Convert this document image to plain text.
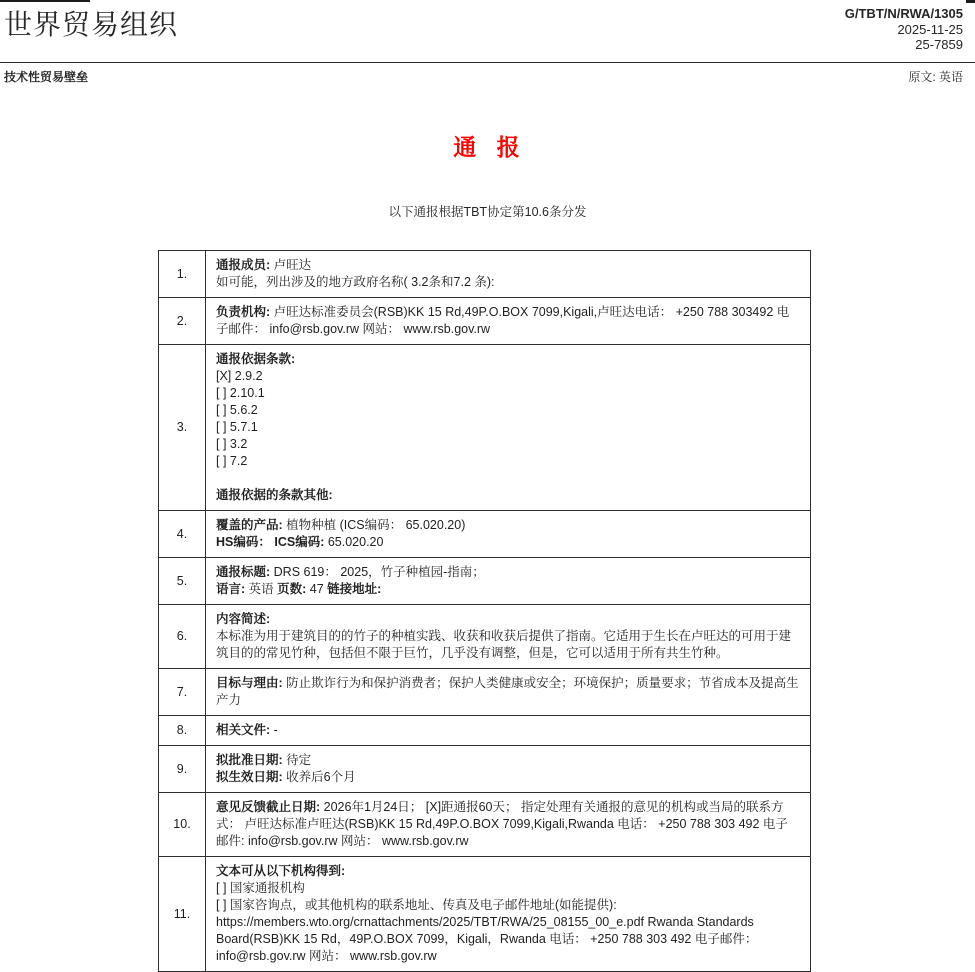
世界贸易组织	G/TBT/N/RWA/1305
2025-11-25
25-7859
技术性贸易壁垒	原文: 英语
通 报
以下通报根据TBT协定第10.6条分发
1.	通报成员: 卢旺达
如可能，列出涉及的地方政府名称( 3.2条和7.2 条):

2.	负责机构: 卢旺达标准委员会(RSB)KK 15 Rd,49P.O.BOX 7099,Kigali,卢旺达电话： +250 788 303492 电子邮件： info@rsb.gov.rw 网站： www.rsb.gov.rw

3.	
通报依据条款:
[X] 2.9.2
[ ] 2.10.1
[ ] 5.6.2
[ ] 5.7.1
[ ] 3.2
[ ] 7.2

通报依据的条款其他:

4.	覆盖的产品: 植物种植 (ICS编码： 65.020.20)
HS编码： ICS编码: 65.020.20

5.	通报标题: DRS 619： 2025，竹子种植园-指南；
语言: 英语 页数: 47 链接地址:

6.	内容简述:
本标准为用于建筑目的的竹子的种植实践、收获和收获后提供了指南。它适用于生长在卢旺达的可用于建筑目的的常见竹种，包括但不限于巨竹，几乎没有调整，但是，它可以适用于所有共生竹种。

7.	目标与理由: 防止欺诈行为和保护消费者；保护人类健康或安全；环境保护；质量要求；节省成本及提高生产力

8.	相关文件: -

9.	拟批准日期: 待定
拟生效日期: 收养后6个月

10.	意见反馈截止日期: 2026年1月24日； [X]距通报60天； 指定处理有关通报的意见的机构或当局的联系方式： 卢旺达标准卢旺达(RSB)KK 15 Rd,49P.O.BOX 7099,Kigali,Rwanda 电话： +250 788 303 492 电子邮件: info@rsb.gov.rw 网站： www.rsb.gov.rw

11.	文本可从以下机构得到:
[ ] 国家通报机构
[ ] 国家咨询点，或其他机构的联系地址、传真及电子邮件地址(如能提供):
https://members.wto.org/crnattachments/2025/TBT/RWA/25_08155_00_e.pdf Rwanda Standards Board(RSB)KK 15 Rd，49P.O.BOX 7099，Kigali，Rwanda 电话： +250 788 303 492 电子邮件： info@rsb.gov.rw 网站： www.rsb.gov.rw
